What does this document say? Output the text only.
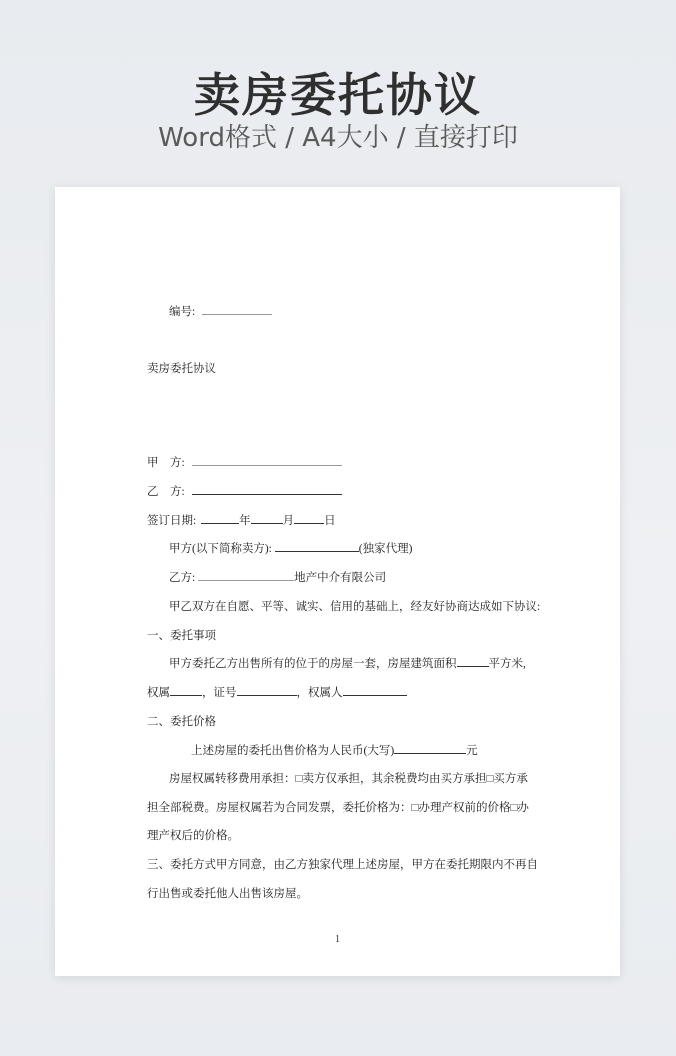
卖房委托协议
Word格式 / A4大小 / 直接打印
编号:
卖房委托协议
甲　方:
乙　方:
签订日期:	年	月	日
甲方(以下简称卖方):	(独家代理)
乙方:	地产中介有限公司
甲乙双方在自愿、平等、诚实、信用的基础上，经友好协商达成如下协议:
一、委托事项
甲方委托乙方出售所有的位于的房屋一套，房屋建筑面积	平方米,
权属	，证号	，权属人
二、委托价格
上述房屋的委托出售价格为人民币(大写)	元
房屋权属转移费用承担：□卖方仅承担，其余税费均由买方承担□买方承
担全部税费。房屋权属若为合同发票，委托价格为：□办理产权前的价格□办
理产权后的价格。
三、委托方式甲方同意，由乙方独家代理上述房屋，甲方在委托期限内不再自
行出售或委托他人出售该房屋。
1
